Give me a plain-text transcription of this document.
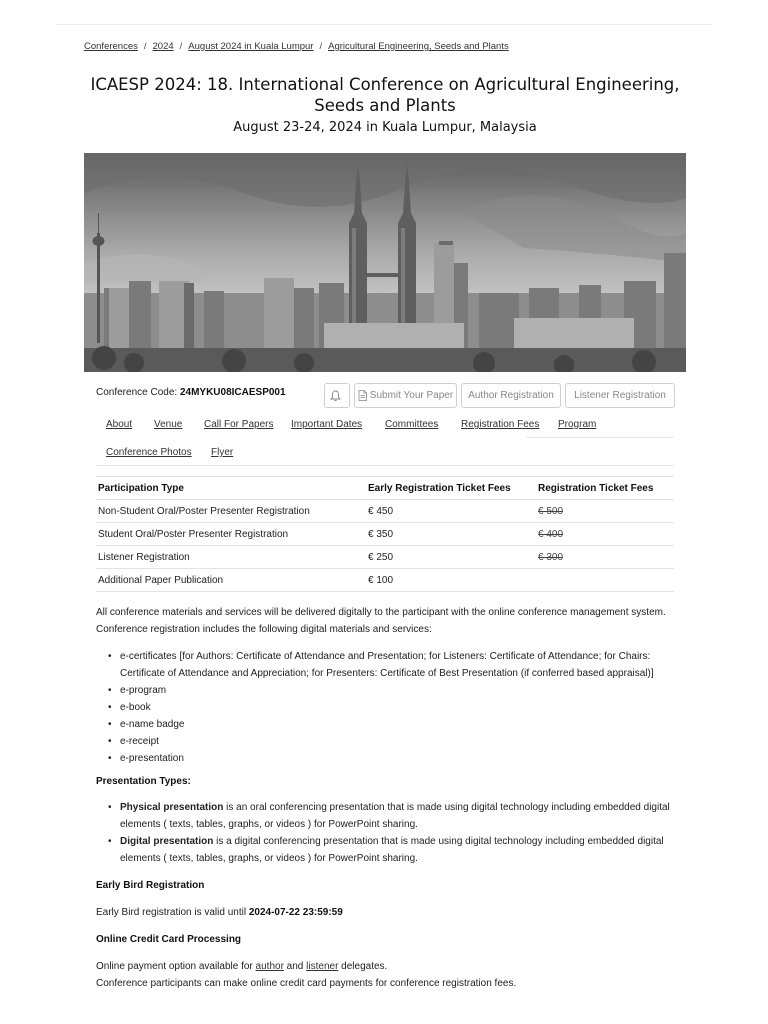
Conferences / 2024 / August 2024 in Kuala Lumpur / Agricultural Engineering, Seeds and Plants
ICAESP 2024: 18. International Conference on Agricultural Engineering, Seeds and Plants
August 23-24, 2024 in Kuala Lumpur, Malaysia
Conference Code: 24MYKU08ICAESP001	Submit Your Paper Author Registration Listener Registration
About Venue Call For Papers Important Dates Committees Registration Fees Program
Conference Photos Flyer
Participation Type	Early Registration Ticket Fees	Registration Ticket Fees
Non-Student Oral/Poster Presenter Registration	€ 450	€ 500
Student Oral/Poster Presenter Registration	€ 350	€ 400
Listener Registration	€ 250	€ 300
Additional Paper Publication	€ 100	
All conference materials and services will be delivered digitally to the participant with the online conference management system.
Conference registration includes the following digital materials and services:
• e-certificates [for Authors: Certificate of Attendance and Presentation; for Listeners: Certificate of Attendance; for Chairs: Certificate of Attendance and Appreciation; for Presenters: Certificate of Best Presentation (if conferred based appraisal)]
• e-program
• e-book
• e-name badge
• e-receipt
• e-presentation
Presentation Types:
• Physical presentation is an oral conferencing presentation that is made using digital technology including embedded digital elements ( texts, tables, graphs, or videos ) for PowerPoint sharing.
• Digital presentation is a digital conferencing presentation that is made using digital technology including embedded digital elements ( texts, tables, graphs, or videos ) for PowerPoint sharing.
Early Bird Registration
Early Bird registration is valid until 2024-07-22 23:59:59
Online Credit Card Processing
Online payment option available for author and listener delegates.
Conference participants can make online credit card payments for conference registration fees.
